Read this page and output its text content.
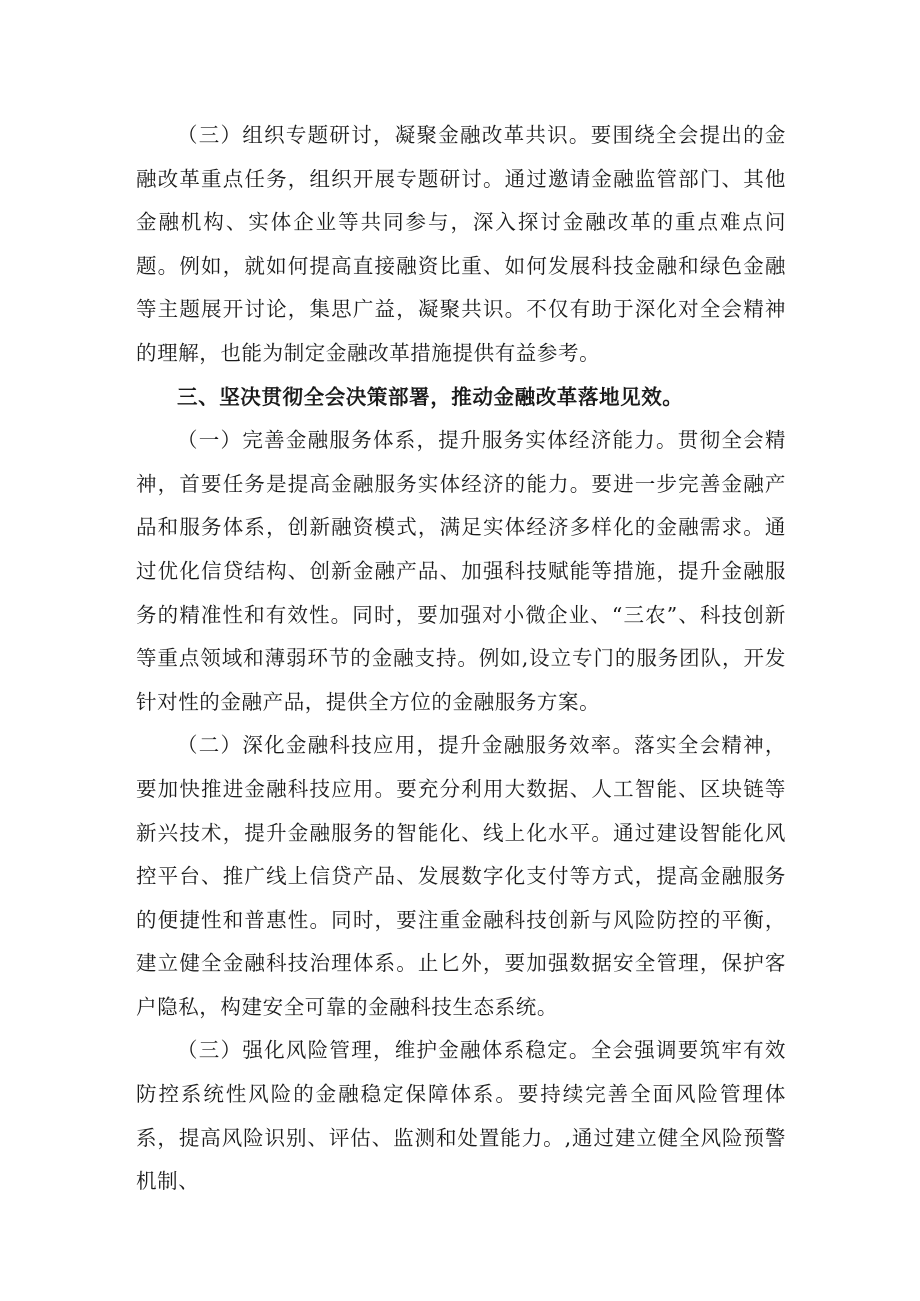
（三）组织专题研讨，凝聚金融改革共识。要围绕全会提出的金融改革重点任务，组织开展专题研讨。通过邀请金融监管部门、其他金融机构、实体企业等共同参与，深入探讨金融改革的重点难点问题。例如，就如何提高直接融资比重、如何发展科技金融和绿色金融等主题展开讨论，集思广益，凝聚共识。不仅有助于深化对全会精神的理解，也能为制定金融改革措施提供有益参考。

三、坚决贯彻全会决策部署，推动金融改革落地见效。

（一）完善金融服务体系，提升服务实体经济能力。贯彻全会精神，首要任务是提高金融服务实体经济的能力。要进一步完善金融产品和服务体系，创新融资模式，满足实体经济多样化的金融需求。通过优化信贷结构、创新金融产品、加强科技赋能等措施，提升金融服务的精准性和有效性。同时，要加强对小微企业、“三农”、科技创新等重点领域和薄弱环节的金融支持。例如,设立专门的服务团队，开发针对性的金融产品，提供全方位的金融服务方案。

（二）深化金融科技应用，提升金融服务效率。落实全会精神，要加快推进金融科技应用。要充分利用大数据、人工智能、区块链等新兴技术，提升金融服务的智能化、线上化水平。通过建设智能化风控平台、推广线上信贷产品、发展数字化支付等方式，提高金融服务的便捷性和普惠性。同时，要注重金融科技创新与风险防控的平衡，建立健全金融科技治理体系。止匕外，要加强数据安全管理，保护客户隐私，构建安全可靠的金融科技生态系统。

（三）强化风险管理，维护金融体系稳定。全会强调要筑牢有效防控系统性风险的金融稳定保障体系。要持续完善全面风险管理体系，提高风险识别、评估、监测和处置能力。,通过建立健全风险预警机制、
